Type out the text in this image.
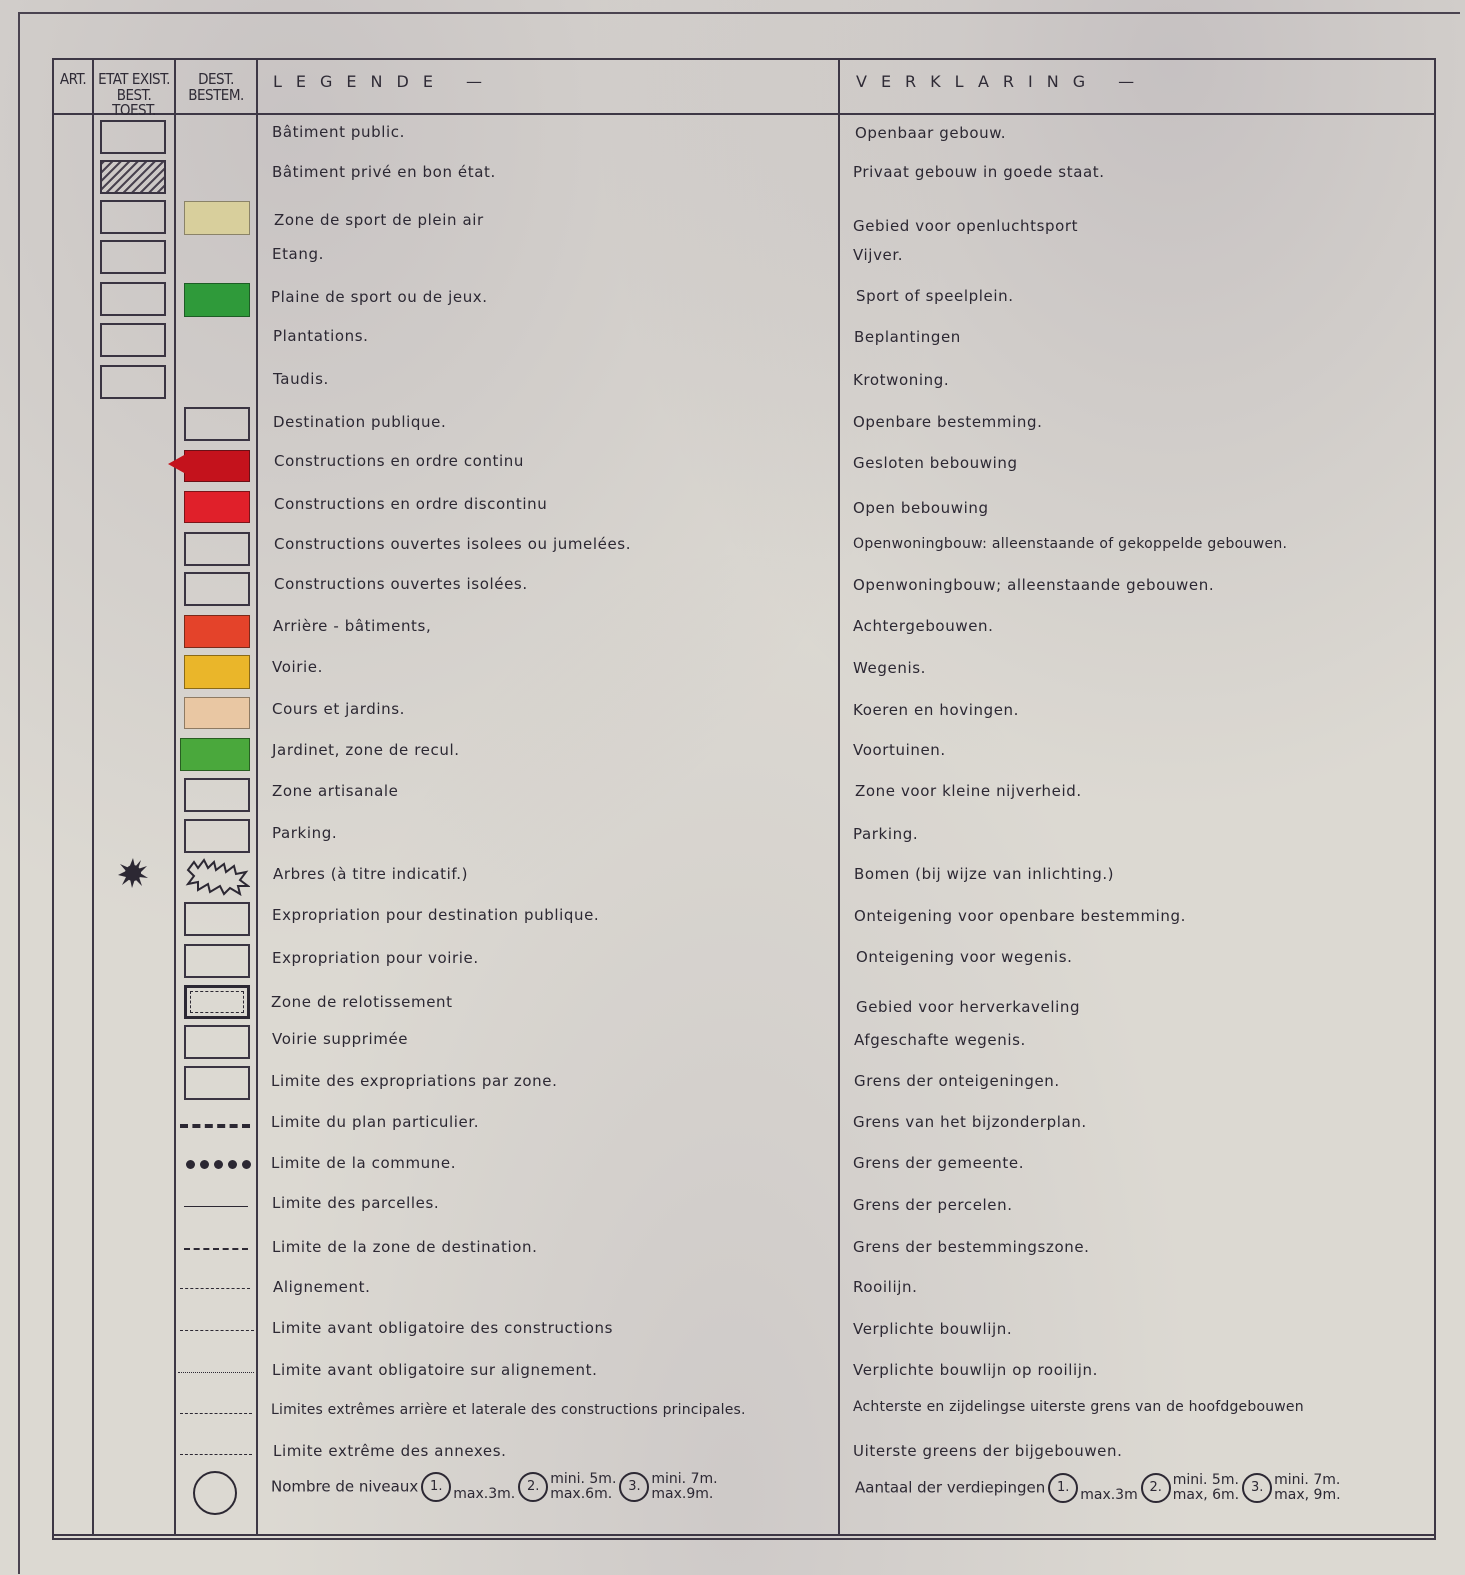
ART. ETAT EXIST.
BEST. TOEST.
DEST.
BESTEM.
LEGENDE —	VERKLARING —
Bâtiment public.
Bâtiment privé en bon état.
Zone de sport de plein air
Etang.
Plaine de sport ou de jeux.
Plantations.
Taudis.
Destination publique.
Constructions en ordre continu
Constructions en ordre discontinu
Constructions ouvertes isolees ou jumelées.
Constructions ouvertes isolées.
Arrière - bâtiments,
Voirie.
Cours et jardins.
Jardinet, zone de recul.
Zone artisanale
Parking.
Arbres (à titre indicatif.)
Expropriation pour destination publique.
Expropriation pour voirie.
Zone de relotissement
Voirie supprimée
Limite des expropriations par zone.
Limite du plan particulier.
Limite de la commune.
Limite des parcelles.
Limite de la zone de destination.
Alignement.
Limite avant obligatoire des constructions
Limite avant obligatoire sur alignement.
Limites extrêmes arrière et laterale des constructions principales.
Limite extrême des annexes.
Openbaar gebouw.
Privaat gebouw in goede staat.
Gebied voor openluchtsport
Vijver.
Sport of speelplein.
Beplantingen
Krotwoning.
Openbare bestemming.
Gesloten bebouwing
Open bebouwing
Openwoningbouw: alleenstaande of gekoppelde gebouwen.
Openwoningbouw; alleenstaande gebouwen.
Achtergebouwen.
Wegenis.
Koeren en hovingen.
Voortuinen.
Zone voor kleine nijverheid.
Parking.
Bomen (bij wijze van inlichting.)
Onteigening voor openbare bestemming.
Onteigening voor wegenis.
Gebied voor herverkaveling
Afgeschafte wegenis.
Grens der onteigeningen.
Grens van het bijzonderplan.
Grens der gemeente.
Grens der percelen.
Grens der bestemmingszone.
Rooilijn.
Verplichte bouwlijn.
Verplichte bouwlijn op rooilijn.
Achterste en zijdelingse uiterste grens van de hoofdgebouwen
Uiterste greens der bijgebouwen.
Nombre de niveaux 1. max.3m. 2. mini. 5m.
max.6m. 3. mini. 7m.
max.9m.	Aantaal der verdiepingen 1. max.3m 2. mini. 5m.
max, 6m. 3. mini. 7m.
max, 9m.
